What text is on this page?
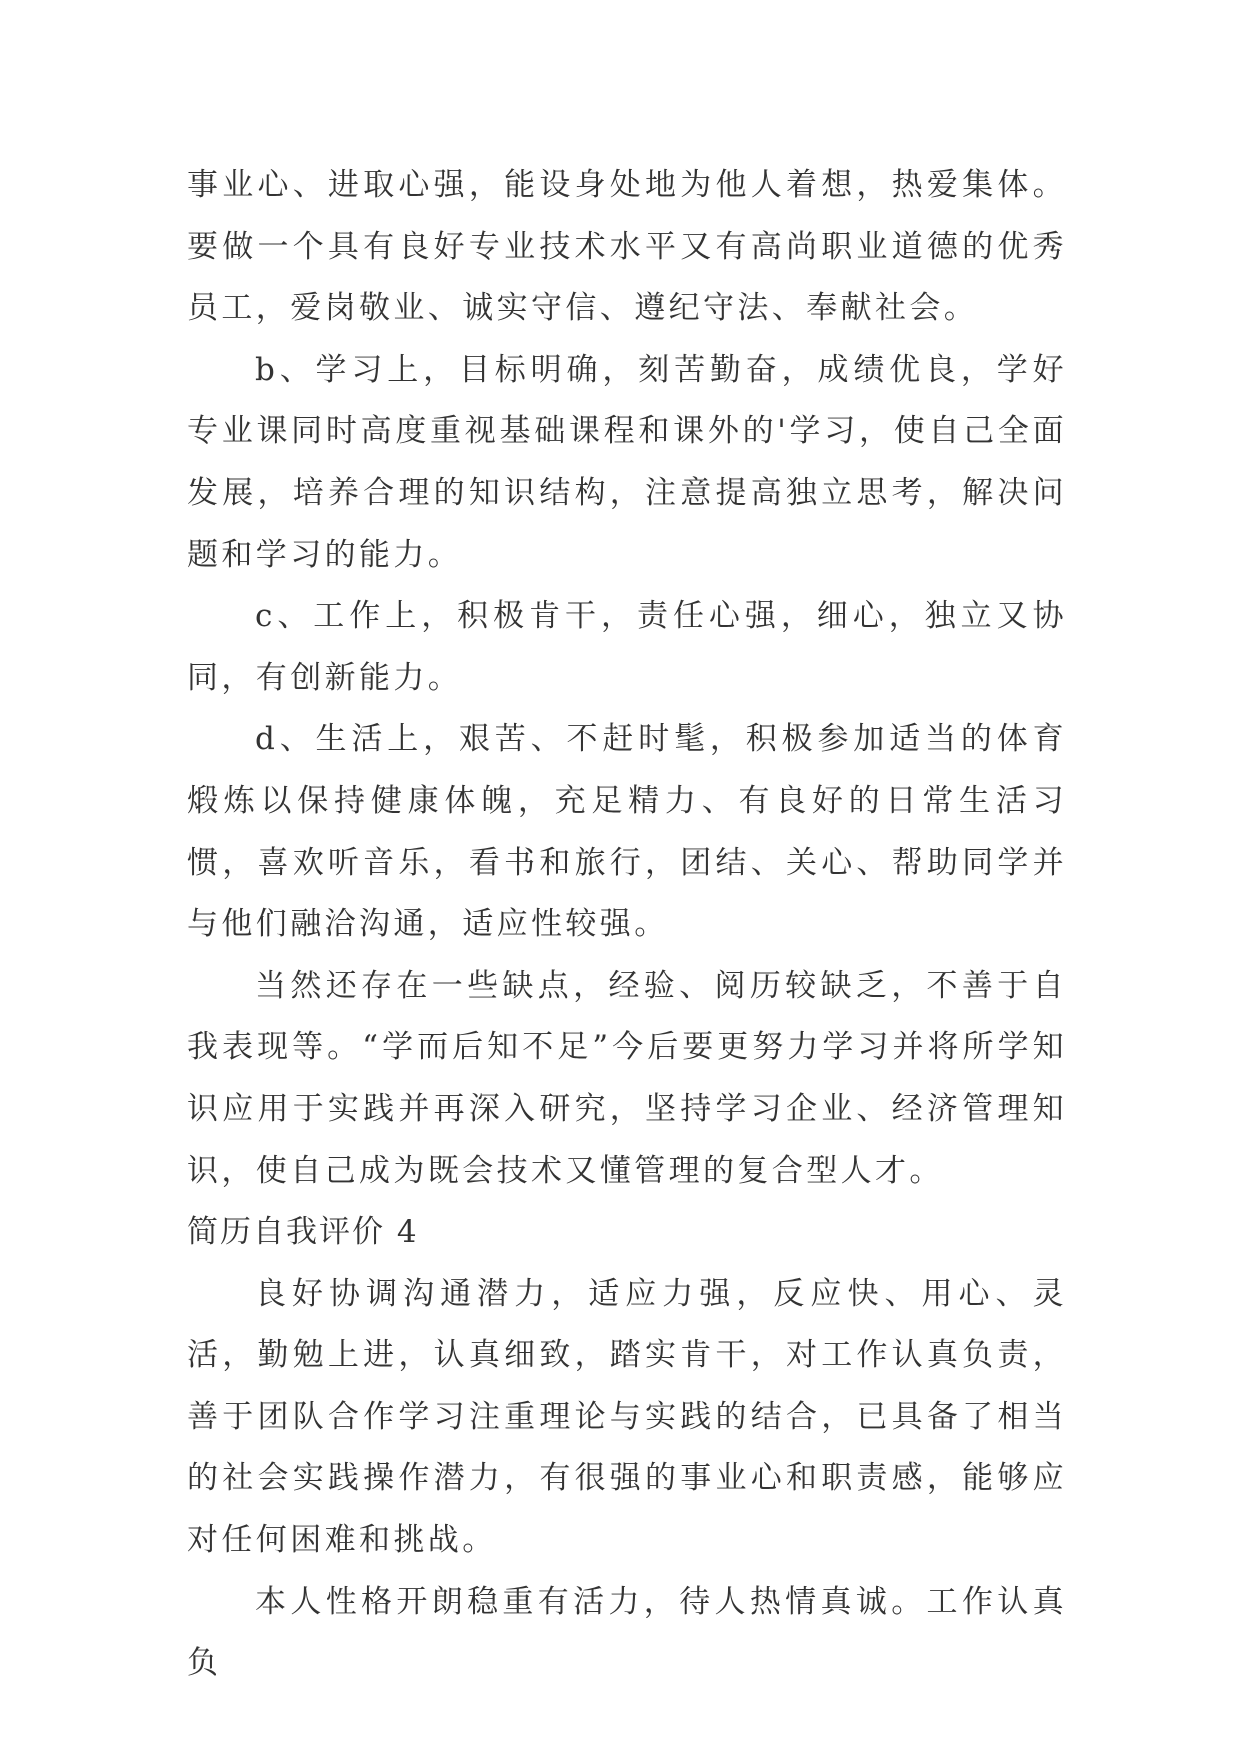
事业心、进取心强，能设身处地为他人着想，热爱集体。要做一个具有良好专业技术水平又有高尚职业道德的优秀员工，爱岗敬业、诚实守信、遵纪守法、奉献社会。

b、学习上，目标明确，刻苦勤奋，成绩优良，学好专业课同时高度重视基础课程和课外的'学习，使自己全面发展，培养合理的知识结构，注意提高独立思考，解决问题和学习的能力。

c、工作上，积极肯干，责任心强，细心，独立又协同，有创新能力。

d、生活上，艰苦、不赶时髦，积极参加适当的体育煅炼以保持健康体魄，充足精力、有良好的日常生活习惯，喜欢听音乐，看书和旅行，团结、关心、帮助同学并与他们融洽沟通，适应性较强。

当然还存在一些缺点，经验、阅历较缺乏，不善于自我表现等。“学而后知不足”今后要更努力学习并将所学知识应用于实践并再深入研究，坚持学习企业、经济管理知识，使自己成为既会技术又懂管理的复合型人才。

简历自我评价 4

良好协调沟通潜力，适应力强，反应快、用心、灵活，勤勉上进，认真细致，踏实肯干，对工作认真负责，善于团队合作学习注重理论与实践的结合，已具备了相当的社会实践操作潜力，有很强的事业心和职责感，能够应对任何困难和挑战。

本人性格开朗稳重有活力，待人热情真诚。工作认真负
